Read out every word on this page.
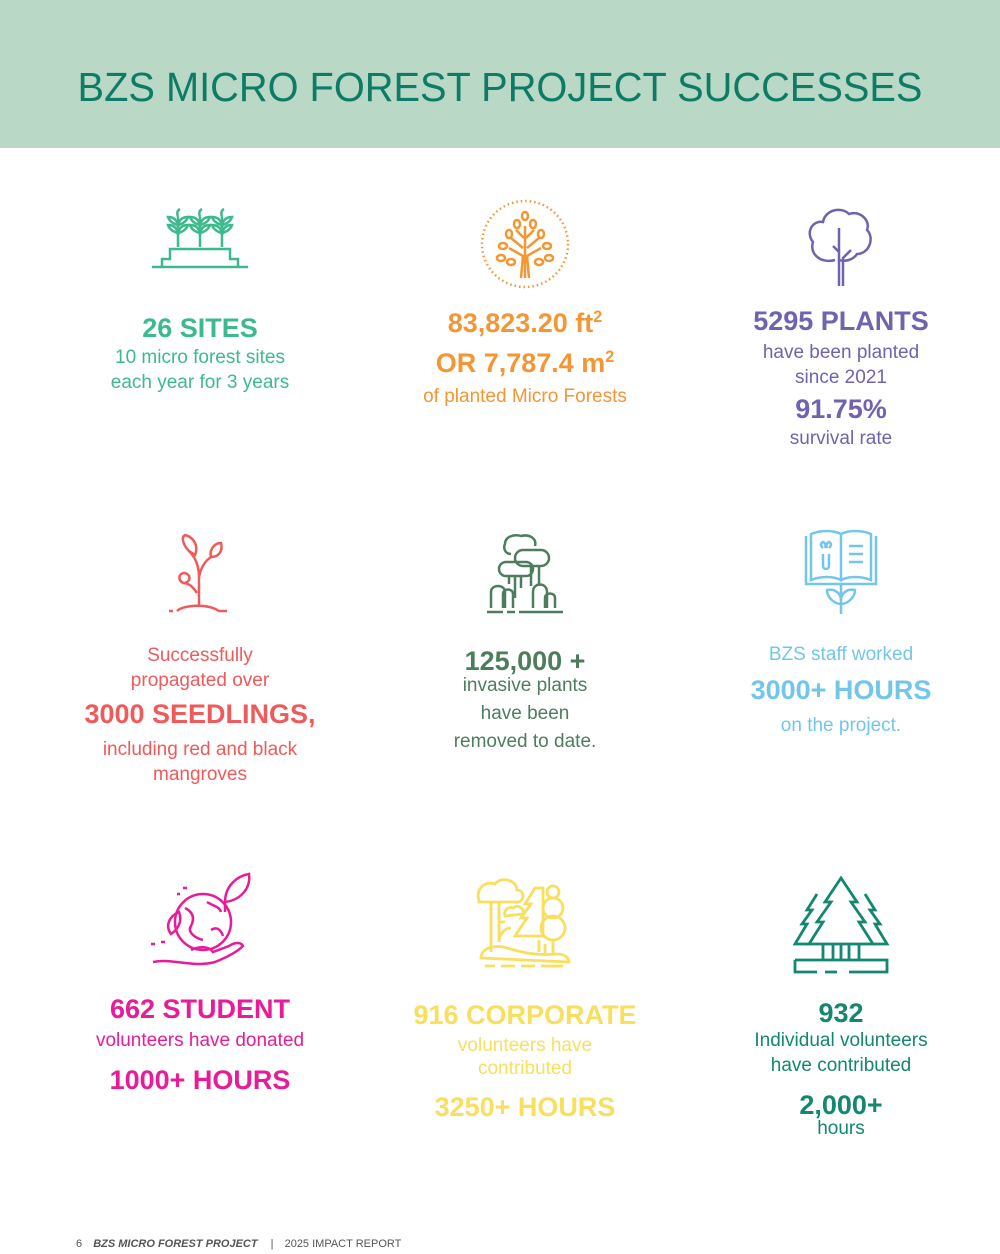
BZS MICRO FOREST PROJECT SUCCESSES
26 SITES
10 micro forest sites
each year for 3 years
83,823.20 $ft^2$
OR 7,787.4 $m^2$
of planted Micro Forests
5295 PLANTS
have been planted
since 2021
91.75%
survival rate
Successfully
propagated over
3000 SEEDLINGS,
including red and black
mangroves
125,000 +
invasive plants
have been
removed to date.
BZS staff worked
3000+ HOURS
on the project.
662 STUDENT
volunteers have donated
1000+ HOURS
916 CORPORATE
volunteers have
contributed
3250+ HOURS
932
Individual volunteers
have contributed
2,000+
hours
6 BZS MICRO FOREST PROJECT | 2025 IMPACT REPORT
